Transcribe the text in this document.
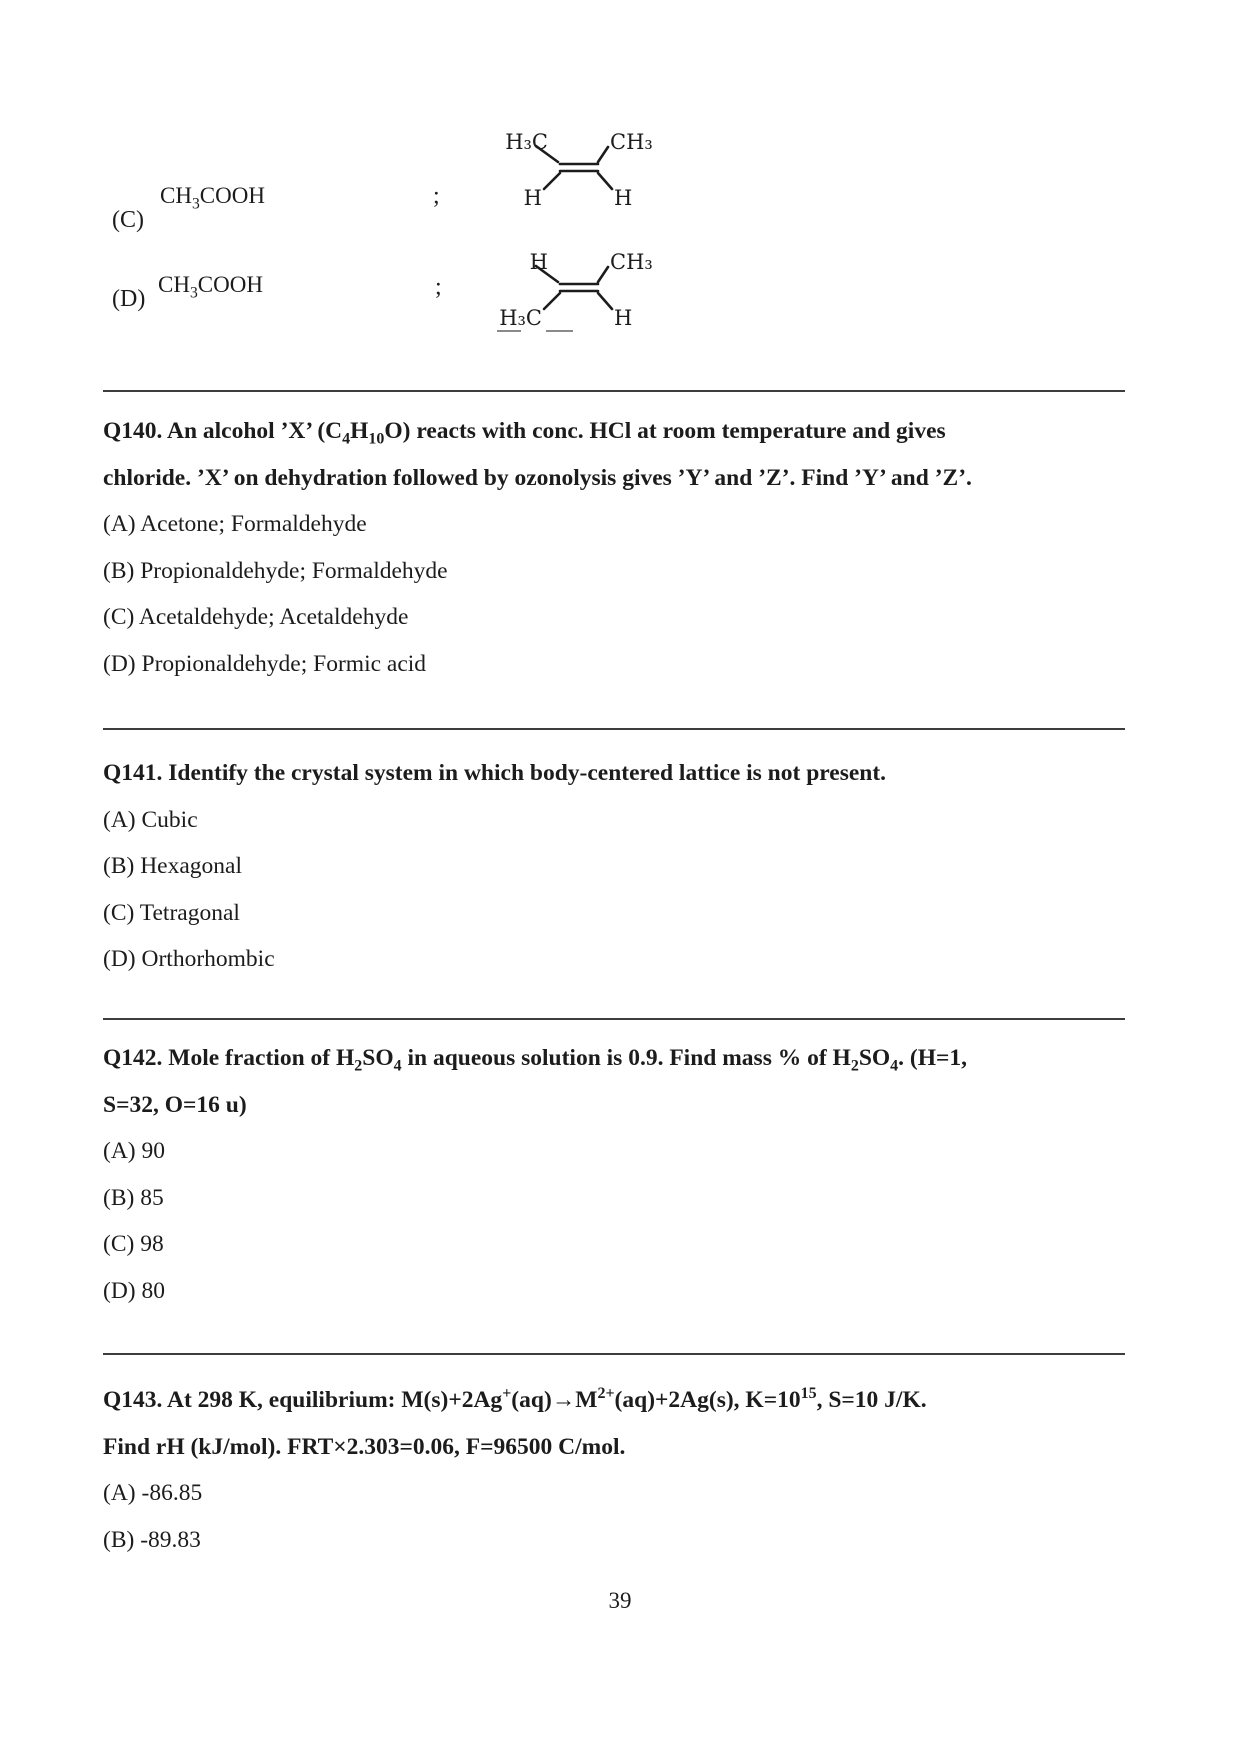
(C)
$CH_3COOH$	;
H₃C	CH₃
H	H
(D)
$CH_3COOH$	;
H	CH₃
H₃C	H
Q140. An alcohol ’X’ $(C_4H_{10}O)$ reacts with conc. HCl at room temperature and gives
chloride. ’X’ on dehydration followed by ozonolysis gives ’Y’ and ’Z’. Find ’Y’ and ’Z’.
(A) Acetone; Formaldehyde
(B) Propionaldehyde; Formaldehyde
(C) Acetaldehyde; Acetaldehyde
(D) Propionaldehyde; Formic acid
Q141. Identify the crystal system in which body-centered lattice is not present.
(A) Cubic
(B) Hexagonal
(C) Tetragonal
(D) Orthorhombic
Q142. Mole fraction of $H_2SO_4$ in aqueous solution is 0.9. Find mass % of $H_2SO_4$. (H=1,
S=32, O=16 u)
(A) 90
(B) 85
(C) 98
(D) 80
Q143. At 298 K, equilibrium: $M(s)+2Ag^+(aq)\to M^{2+}(aq)+2Ag(s)$, $K=10^{15}$, S=10 J/K.
Find rH (kJ/mol). FRT×2.303=0.06, F=96500 C/mol.
(A) -86.85
(B) -89.83
39
